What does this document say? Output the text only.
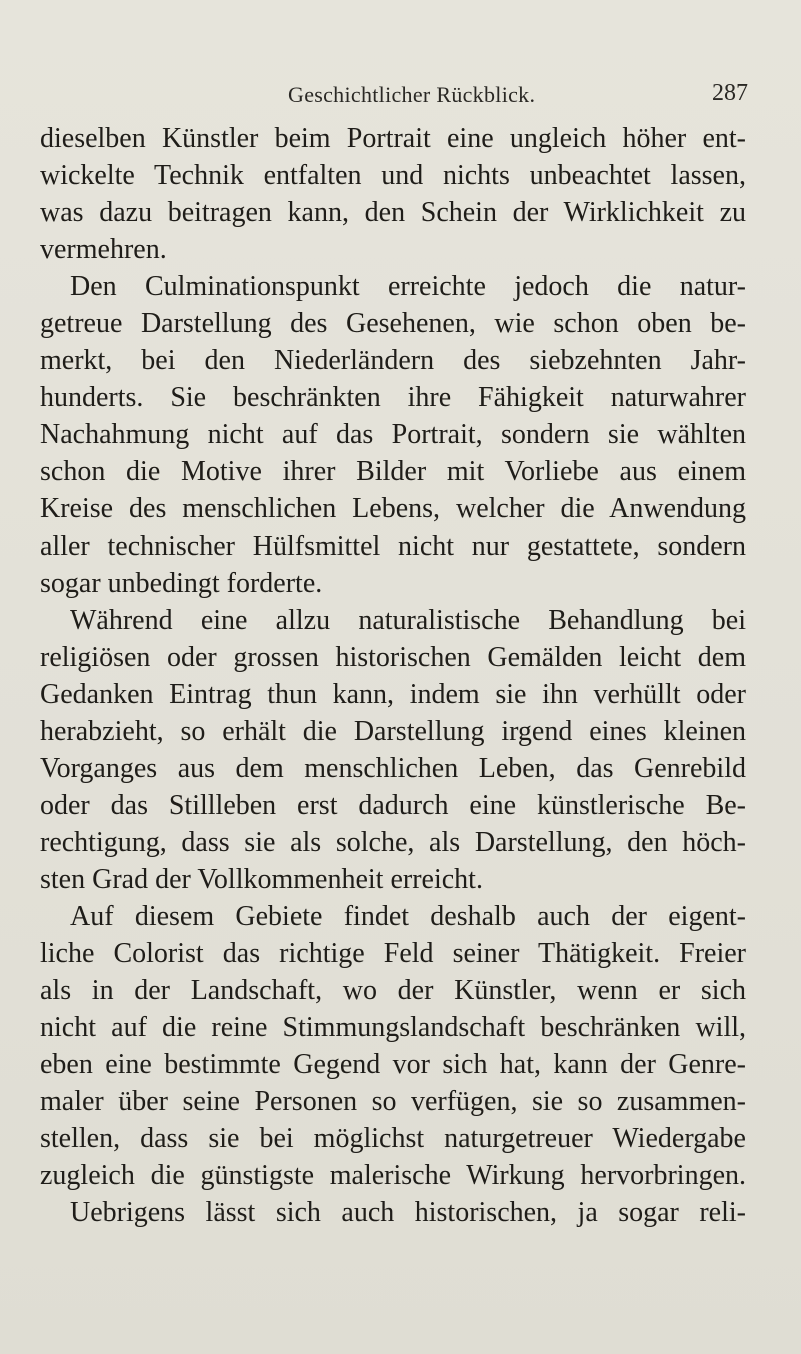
Geschichtlicher Rückblick.	287
dieselben Künstler beim Portrait eine ungleich höher ent-
wickelte Technik entfalten und nichts unbeachtet lassen,
was dazu beitragen kann, den Schein der Wirklichkeit zu
vermehren.
Den Culminationspunkt erreichte jedoch die natur-
getreue Darstellung des Gesehenen, wie schon oben be-
merkt, bei den Niederländern des siebzehnten Jahr-
hunderts. Sie beschränkten ihre Fähigkeit naturwahrer
Nachahmung nicht auf das Portrait, sondern sie wählten
schon die Motive ihrer Bilder mit Vorliebe aus einem
Kreise des menschlichen Lebens, welcher die Anwendung
aller technischer Hülfsmittel nicht nur gestattete, sondern
sogar unbedingt forderte.
Während eine allzu naturalistische Behandlung bei
religiösen oder grossen historischen Gemälden leicht dem
Gedanken Eintrag thun kann, indem sie ihn verhüllt oder
herabzieht, so erhält die Darstellung irgend eines kleinen
Vorganges aus dem menschlichen Leben, das Genrebild
oder das Stillleben erst dadurch eine künstlerische Be-
rechtigung, dass sie als solche, als Darstellung, den höch-
sten Grad der Vollkommenheit erreicht.
Auf diesem Gebiete findet deshalb auch der eigent-
liche Colorist das richtige Feld seiner Thätigkeit. Freier
als in der Landschaft, wo der Künstler, wenn er sich
nicht auf die reine Stimmungslandschaft beschränken will,
eben eine bestimmte Gegend vor sich hat, kann der Genre-
maler über seine Personen so verfügen, sie so zusammen-
stellen, dass sie bei möglichst naturgetreuer Wiedergabe
zugleich die günstigste malerische Wirkung hervorbringen.
Uebrigens lässt sich auch historischen, ja sogar reli-
